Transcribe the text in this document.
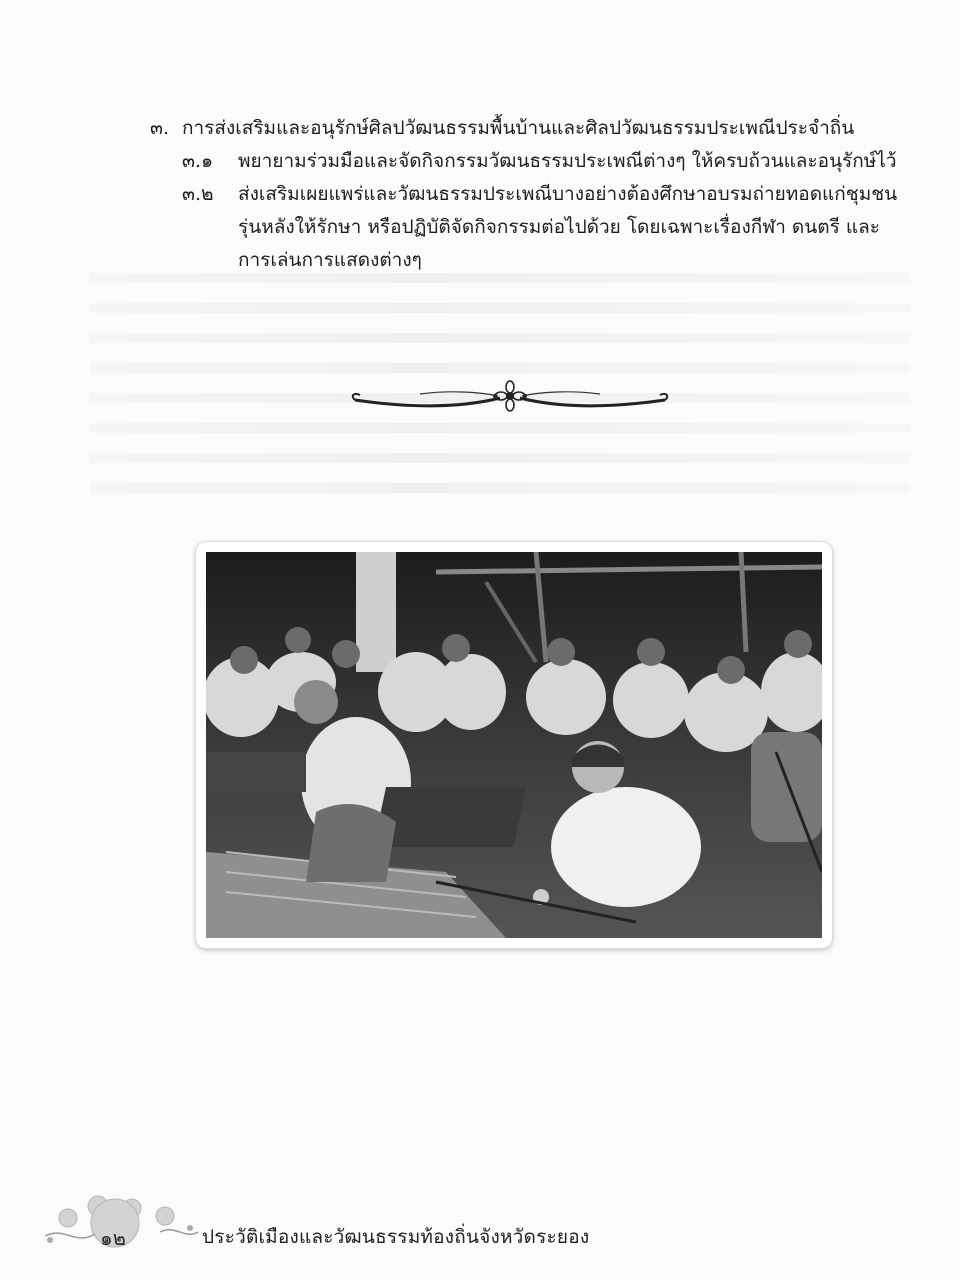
๓. การส่งเสริมและอนุรักษ์ศิลปวัฒนธรรมพื้นบ้านและศิลปวัฒนธรรมประเพณีประจำถิ่น
๓.๑ พยายามร่วมมือและจัดกิจกรรมวัฒนธรรมประเพณีต่างๆ ให้ครบถ้วนและอนุรักษ์ไว้
๓.๒ ส่งเสริมเผยแพร่และวัฒนธรรมประเพณีบางอย่างต้องศึกษาอบรมถ่ายทอดแก่ชุมชน
รุ่นหลังให้รักษา หรือปฏิบัติจัดกิจกรรมต่อไปด้วย โดยเฉพาะเรื่องกีฬา ดนตรี และ
การเล่นการแสดงต่างๆ
๑๒	ประวัติเมืองและวัฒนธรรมท้องถิ่นจังหวัดระยอง
